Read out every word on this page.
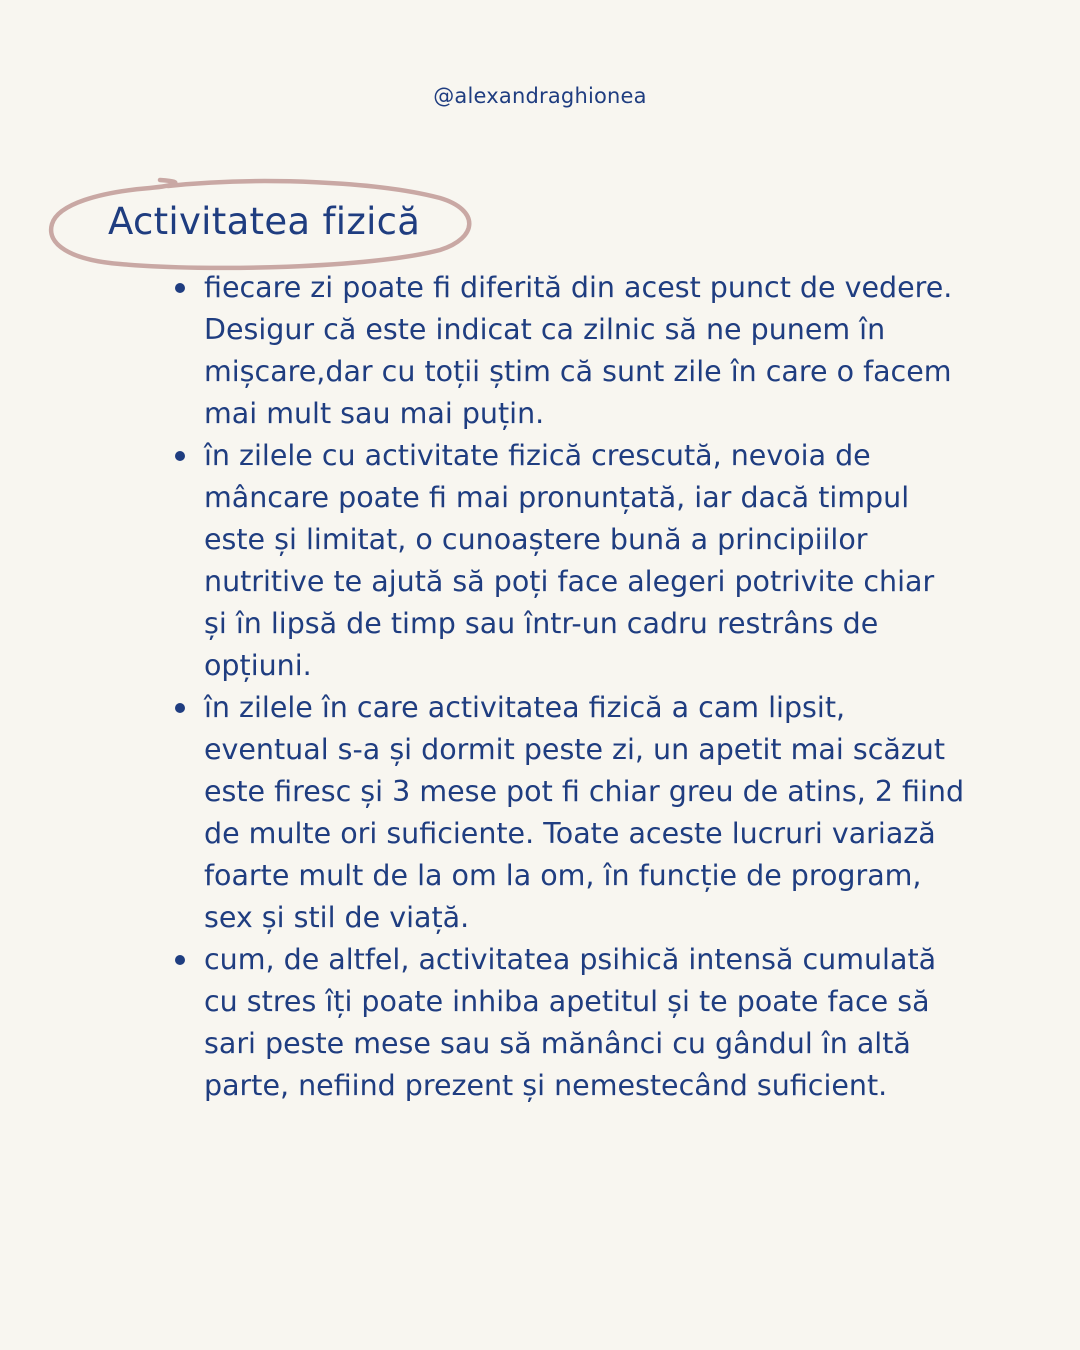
@alexandraghionea
Activitatea fizică
fiecare zi poate fi diferită din acest punct de vedere.
Desigur că este indicat ca zilnic să ne punem în
mișcare,dar cu toții știm că sunt zile în care o facem
mai mult sau mai puțin.
în zilele cu activitate fizică crescută, nevoia de
mâncare poate fi mai pronunțată, iar dacă timpul
este și limitat, o cunoaștere bună a principiilor
nutritive te ajută să poți face alegeri potrivite chiar
și în lipsă de timp sau într-un cadru restrâns de
opțiuni.
în zilele în care activitatea fizică a cam lipsit,
eventual s-a și dormit peste zi, un apetit mai scăzut
este firesc și 3 mese pot fi chiar greu de atins, 2 fiind
de multe ori suficiente. Toate aceste lucruri variază
foarte mult de la om la om, în funcție de program,
sex și stil de viață.
cum, de altfel, activitatea psihică intensă cumulată
cu stres îți poate inhiba apetitul și te poate face să
sari peste mese sau să mănânci cu gândul în altă
parte, nefiind prezent și nemestecând suficient.
